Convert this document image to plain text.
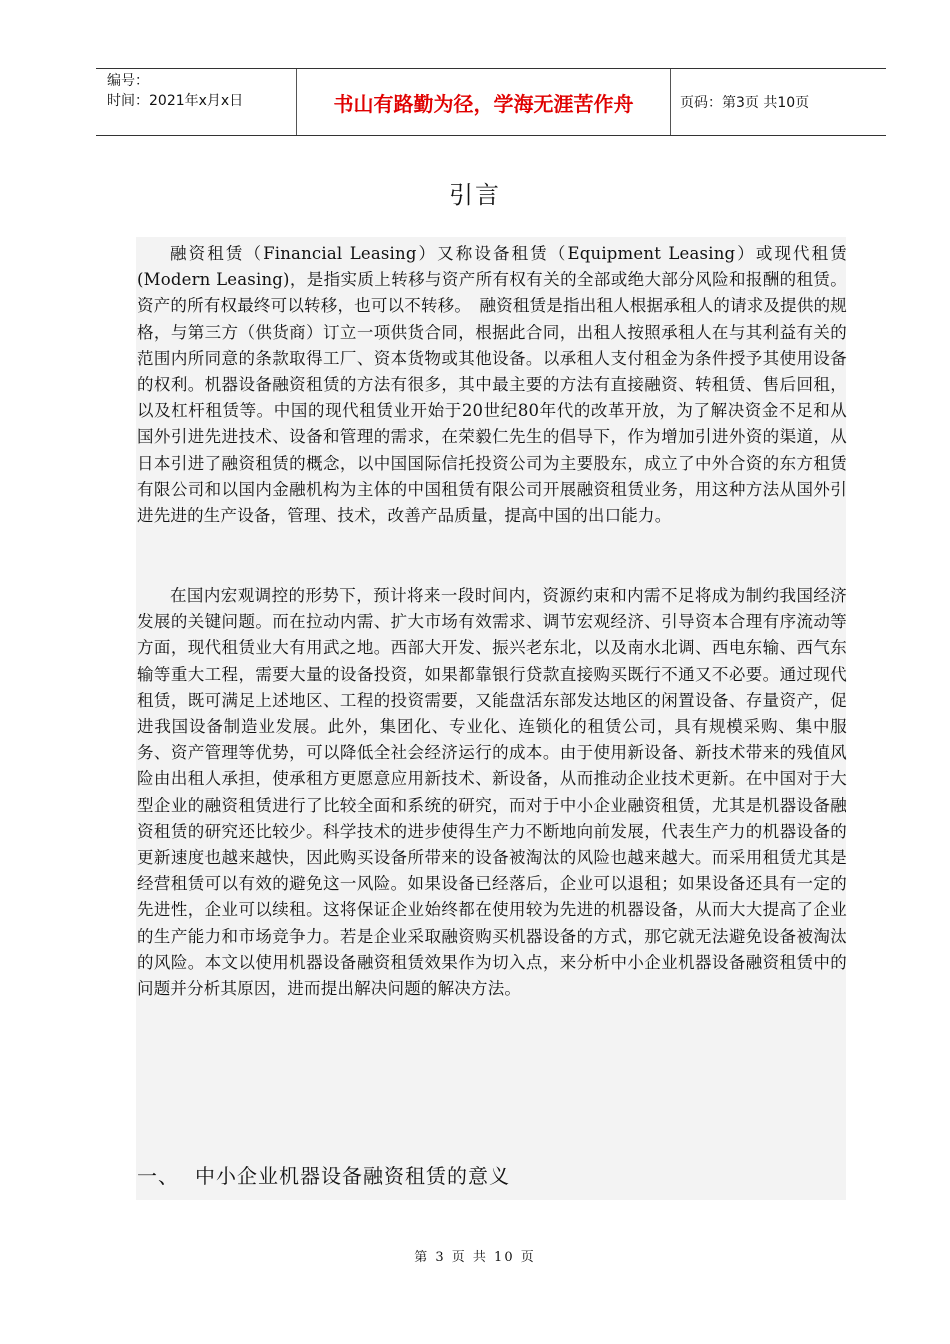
编号：
时间：2021年x月x日	书山有路勤为径，学海无涯苦作舟	页码：第3页 共10页
引言

融资租赁（Financial Leasing）又称设备租赁（Equipment Leasing）或现代租赁(Modern Leasing)，是指实质上转移与资产所有权有关的全部或绝大部分风险和报酬的租赁。资产的所有权最终可以转移，也可以不转移。　融资租赁是指出租人根据承租人的请求及提供的规格，与第三方（供货商）订立一项供货合同，根据此合同，出租人按照承租人在与其利益有关的范围内所同意的条款取得工厂、资本货物或其他设备。以承租人支付租金为条件授予其使用设备的权利。机器设备融资租赁的方法有很多，其中最主要的方法有直接融资、转租赁、售后回租，以及杠杆租赁等。中国的现代租赁业开始于20世纪80年代的改革开放，为了解决资金不足和从国外引进先进技术、设备和管理的需求，在荣毅仁先生的倡导下，作为增加引进外资的渠道，从日本引进了融资租赁的概念，以中国国际信托投资公司为主要股东，成立了中外合资的东方租赁有限公司和以国内金融机构为主体的中国租赁有限公司开展融资租赁业务，用这种方法从国外引进先进的生产设备，管理、技术，改善产品质量，提高中国的出口能力。

在国内宏观调控的形势下，预计将来一段时间内，资源约束和内需不足将成为制约我国经济发展的关键问题。而在拉动内需、扩大市场有效需求、调节宏观经济、引导资本合理有序流动等方面，现代租赁业大有用武之地。西部大开发、振兴老东北，以及南水北调、西电东输、西气东输等重大工程，需要大量的设备投资，如果都靠银行贷款直接购买既行不通又不必要。通过现代租赁，既可满足上述地区、工程的投资需要，又能盘活东部发达地区的闲置设备、存量资产，促进我国设备制造业发展。此外，集团化、专业化、连锁化的租赁公司，具有规模采购、集中服务、资产管理等优势，可以降低全社会经济运行的成本。由于使用新设备、新技术带来的残值风险由出租人承担，使承租方更愿意应用新技术、新设备，从而推动企业技术更新。在中国对于大型企业的融资租赁进行了比较全面和系统的研究，而对于中小企业融资租赁，尤其是机器设备融资租赁的研究还比较少。科学技术的进步使得生产力不断地向前发展，代表生产力的机器设备的更新速度也越来越快，因此购买设备所带来的设备被淘汰的风险也越来越大。而采用租赁尤其是经营租赁可以有效的避免这一风险。如果设备已经落后，企业可以退租；如果设备还具有一定的先进性，企业可以续租。这将保证企业始终都在使用较为先进的机器设备，从而大大提高了企业的生产能力和市场竞争力。若是企业采取融资购买机器设备的方式，那它就无法避免设备被淘汰的风险。本文以使用机器设备融资租赁效果作为切入点，来分析中小企业机器设备融资租赁中的问题并分析其原因，进而提出解决问题的解决方法。

一、 中小企业机器设备融资租赁的意义
第 3 页 共 10 页
